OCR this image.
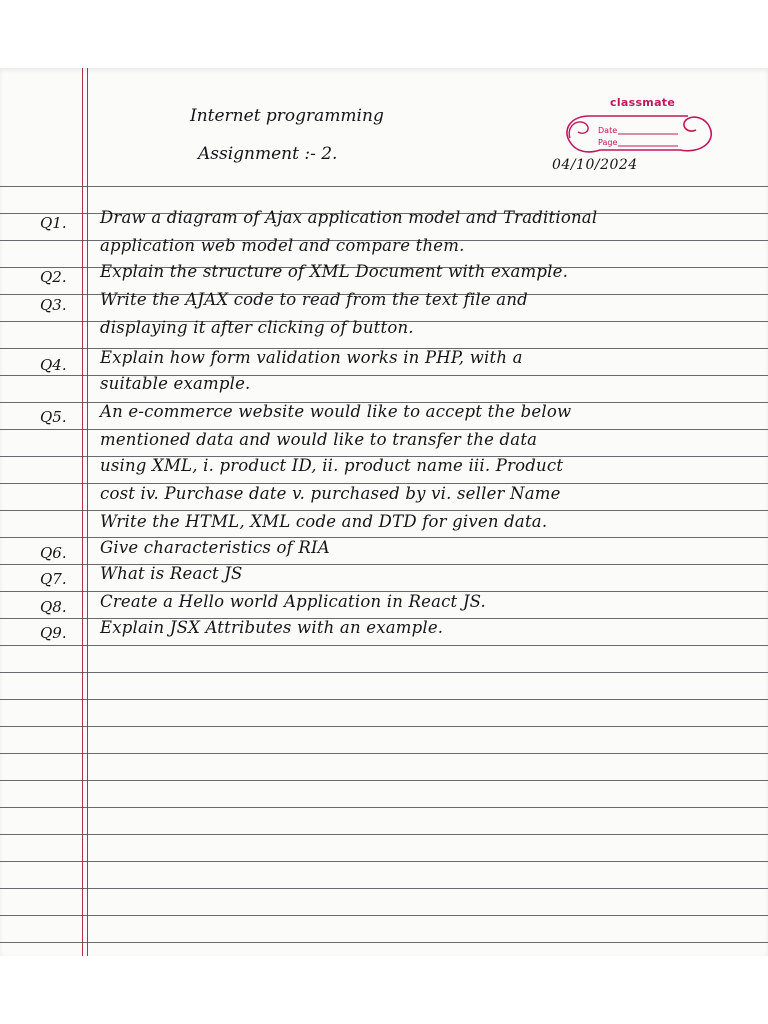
Internet programming
Assignment :- 2.
classmate
Date
Page
04/10/2024
Q1. Draw a diagram of Ajax application model and Traditional
application web model and compare them.
Q2. Explain the structure of XML Document with example.
Q3. Write the AJAX code to read from the text file and
displaying it after clicking of button.
Q4. Explain how form validation works in PHP, with a
suitable example.
Q5. An e-commerce website would like to accept the below
mentioned data and would like to transfer the data
using XML, i. product ID, ii. product name iii. Product
cost iv. Purchase date v. purchased by vi. seller Name
Write the HTML, XML code and DTD for given data.
Q6. Give characteristics of RIA
Q7. What is React JS
Q8. Create a Hello world Application in React JS.
Q9. Explain JSX Attributes with an example.
